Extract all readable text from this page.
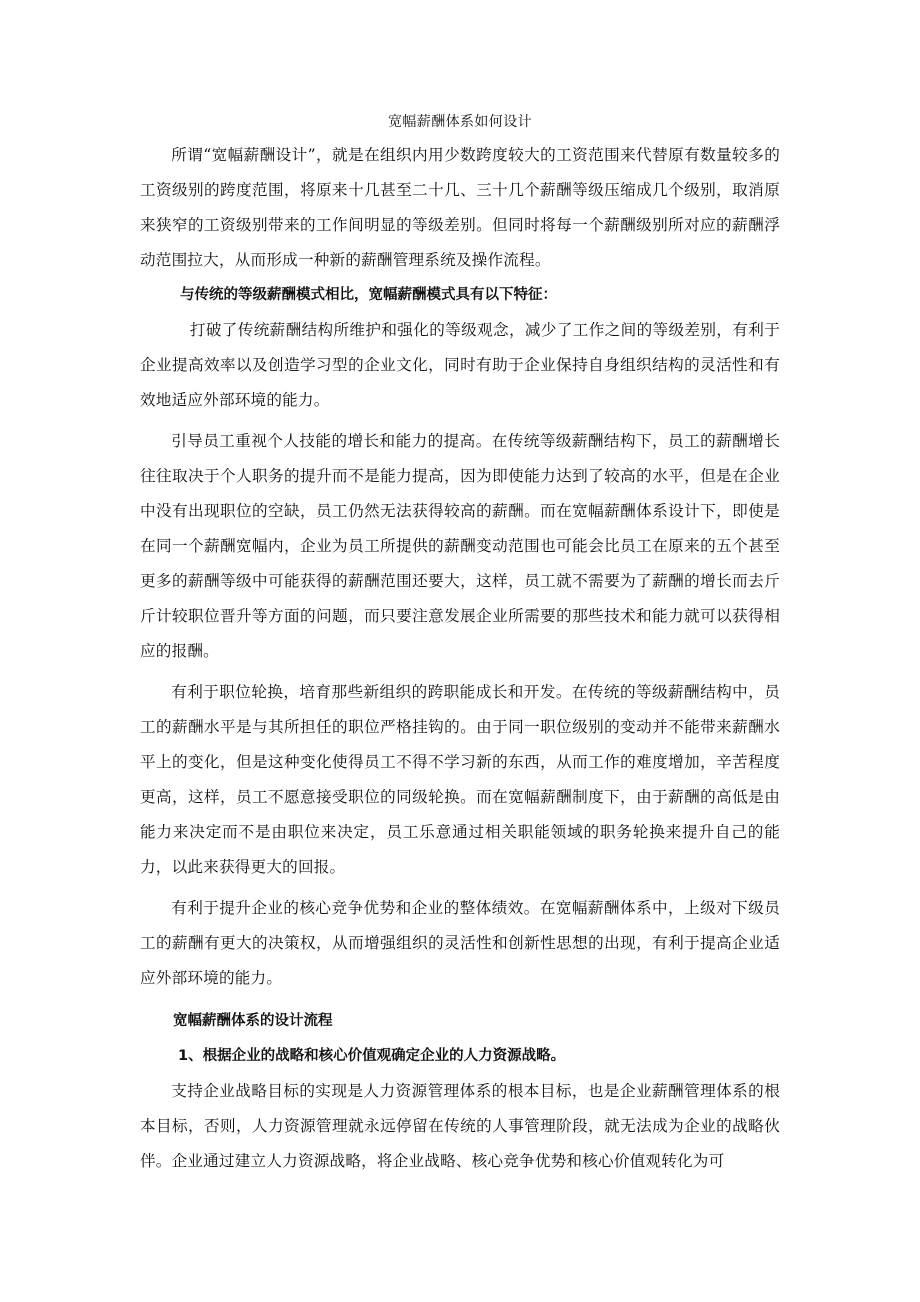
宽幅薪酬体系如何设计

所谓“宽幅薪酬设计”，就是在组织内用少数跨度较大的工资范围来代替原有数量较多的工资级别的跨度范围，将原来十几甚至二十几、三十几个薪酬等级压缩成几个级别，取消原来狭窄的工资级别带来的工作间明显的等级差别。但同时将每一个薪酬级别所对应的薪酬浮动范围拉大，从而形成一种新的薪酬管理系统及操作流程。

与传统的等级薪酬模式相比，宽幅薪酬模式具有以下特征：

打破了传统薪酬结构所维护和强化的等级观念，减少了工作之间的等级差别，有利于企业提高效率以及创造学习型的企业文化，同时有助于企业保持自身组织结构的灵活性和有效地适应外部环境的能力。

引导员工重视个人技能的增长和能力的提高。在传统等级薪酬结构下，员工的薪酬增长往往取决于个人职务的提升而不是能力提高，因为即使能力达到了较高的水平，但是在企业中没有出现职位的空缺，员工仍然无法获得较高的薪酬。而在宽幅薪酬体系设计下，即使是在同一个薪酬宽幅内，企业为员工所提供的薪酬变动范围也可能会比员工在原来的五个甚至更多的薪酬等级中可能获得的薪酬范围还要大，这样，员工就不需要为了薪酬的增长而去斤斤计较职位晋升等方面的问题，而只要注意发展企业所需要的那些技术和能力就可以获得相应的报酬。

有利于职位轮换，培育那些新组织的跨职能成长和开发。在传统的等级薪酬结构中，员工的薪酬水平是与其所担任的职位严格挂钩的。由于同一职位级别的变动并不能带来薪酬水平上的变化，但是这种变化使得员工不得不学习新的东西，从而工作的难度增加，辛苦程度更高，这样，员工不愿意接受职位的同级轮换。而在宽幅薪酬制度下，由于薪酬的高低是由能力来决定而不是由职位来决定，员工乐意通过相关职能领域的职务轮换来提升自己的能力，以此来获得更大的回报。

有利于提升企业的核心竞争优势和企业的整体绩效。在宽幅薪酬体系中，上级对下级员工的薪酬有更大的决策权，从而增强组织的灵活性和创新性思想的出现，有利于提高企业适应外部环境的能力。

宽幅薪酬体系的设计流程

1、根据企业的战略和核心价值观确定企业的人力资源战略。

支持企业战略目标的实现是人力资源管理体系的根本目标，也是企业薪酬管理体系的根本目标，否则，人力资源管理就永远停留在传统的人事管理阶段，就无法成为企业的战略伙伴。企业通过建立人力资源战略，将企业战略、核心竞争优势和核心价值观转化为可
